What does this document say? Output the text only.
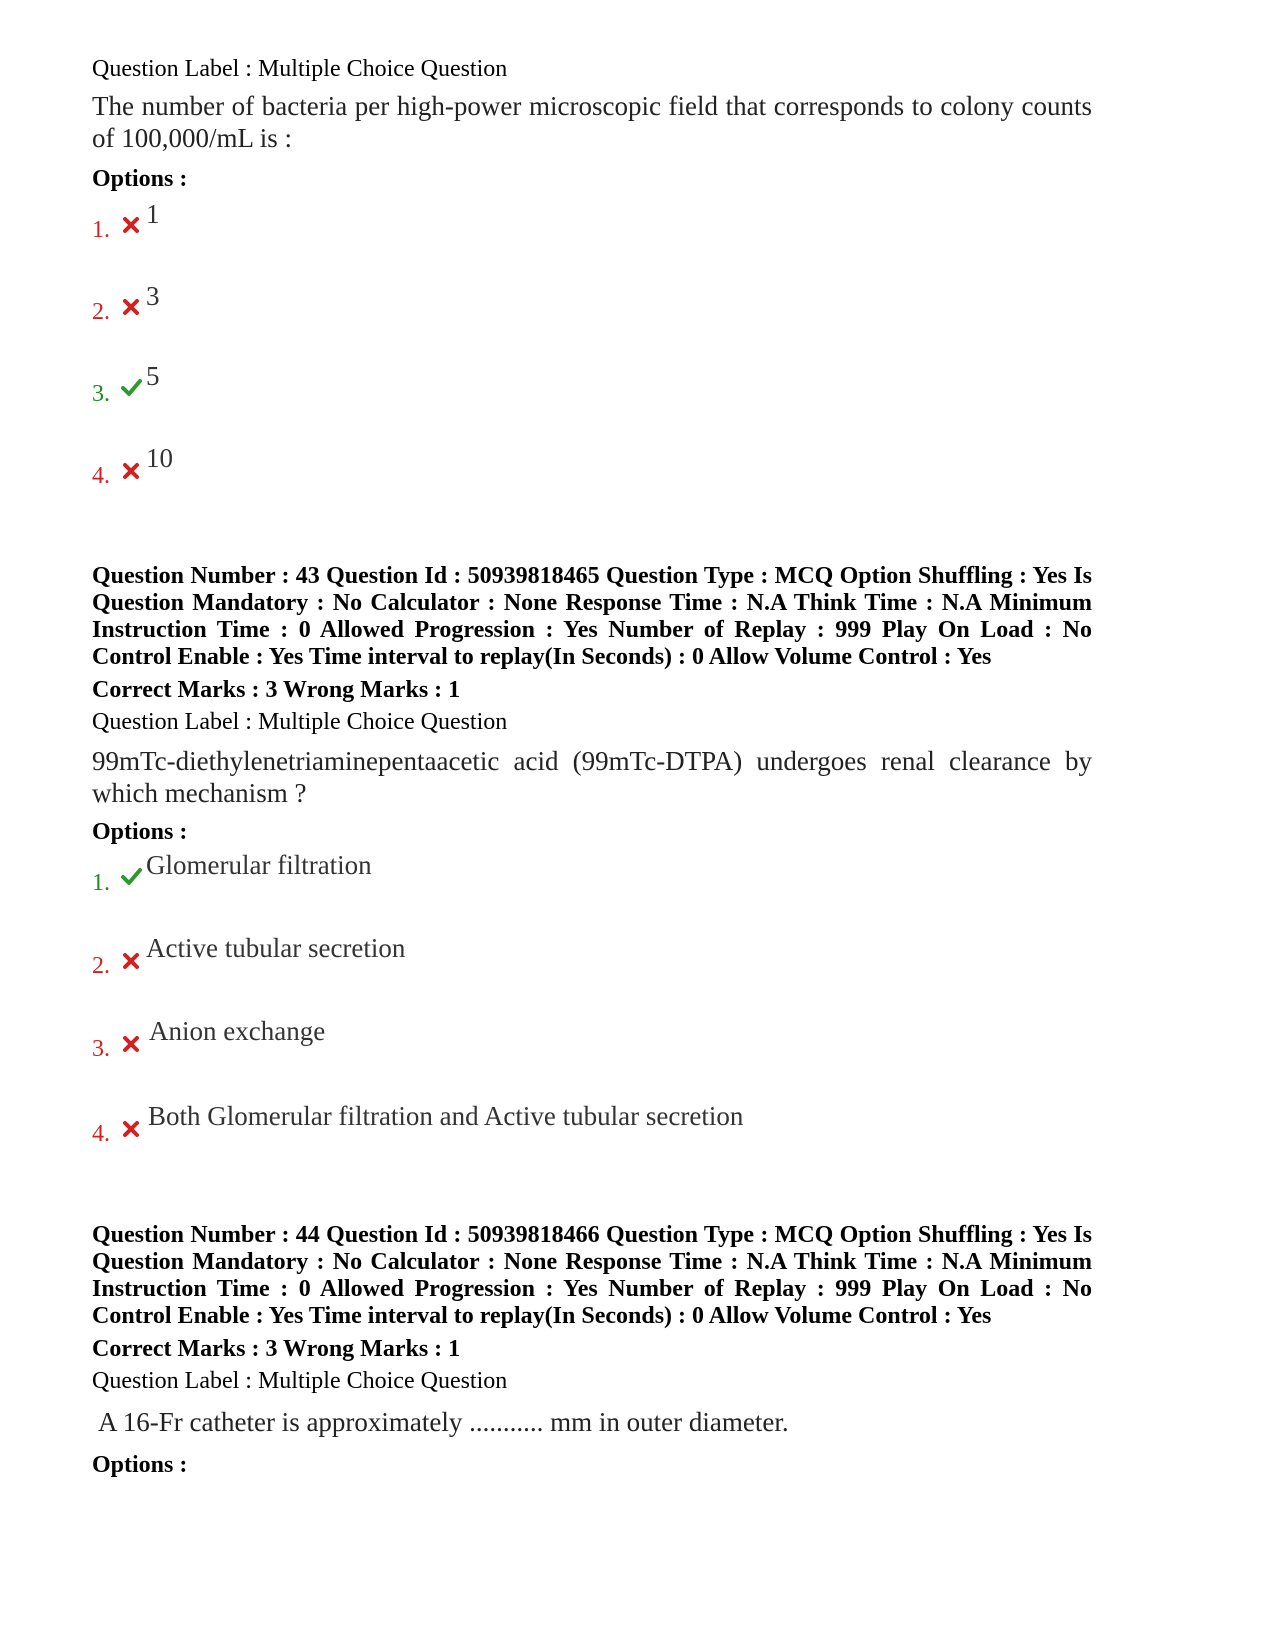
Question Label : Multiple Choice Question

The number of bacteria per high-power microscopic field that corresponds to colony counts of 100,000/mL is :

Options :

1.
1
2.
3
3.
5
4.
10

Question Number : 43 Question Id : 50939818465 Question Type : MCQ Option Shuffling : Yes Is Question Mandatory : No Calculator : None Response Time : N.A Think Time : N.A Minimum Instruction Time : 0 Allowed Progression : Yes Number of Replay : 999 Play On Load : No Control Enable : Yes Time interval to replay(In Seconds) : 0 Allow Volume Control : Yes

Correct Marks : 3 Wrong Marks : 1

Question Label : Multiple Choice Question

99mTc-diethylenetriaminepentaacetic acid (99mTc-DTPA) undergoes renal clearance by which mechanism ?

Options :

1.
Glomerular filtration
2.
Active tubular secretion
3.
Anion exchange
4.
Both Glomerular filtration and Active tubular secretion

Question Number : 44 Question Id : 50939818466 Question Type : MCQ Option Shuffling : Yes Is Question Mandatory : No Calculator : None Response Time : N.A Think Time : N.A Minimum Instruction Time : 0 Allowed Progression : Yes Number of Replay : 999 Play On Load : No Control Enable : Yes Time interval to replay(In Seconds) : 0 Allow Volume Control : Yes

Correct Marks : 3 Wrong Marks : 1

Question Label : Multiple Choice Question

A 16-Fr catheter is approximately ........... mm in outer diameter.

Options :
